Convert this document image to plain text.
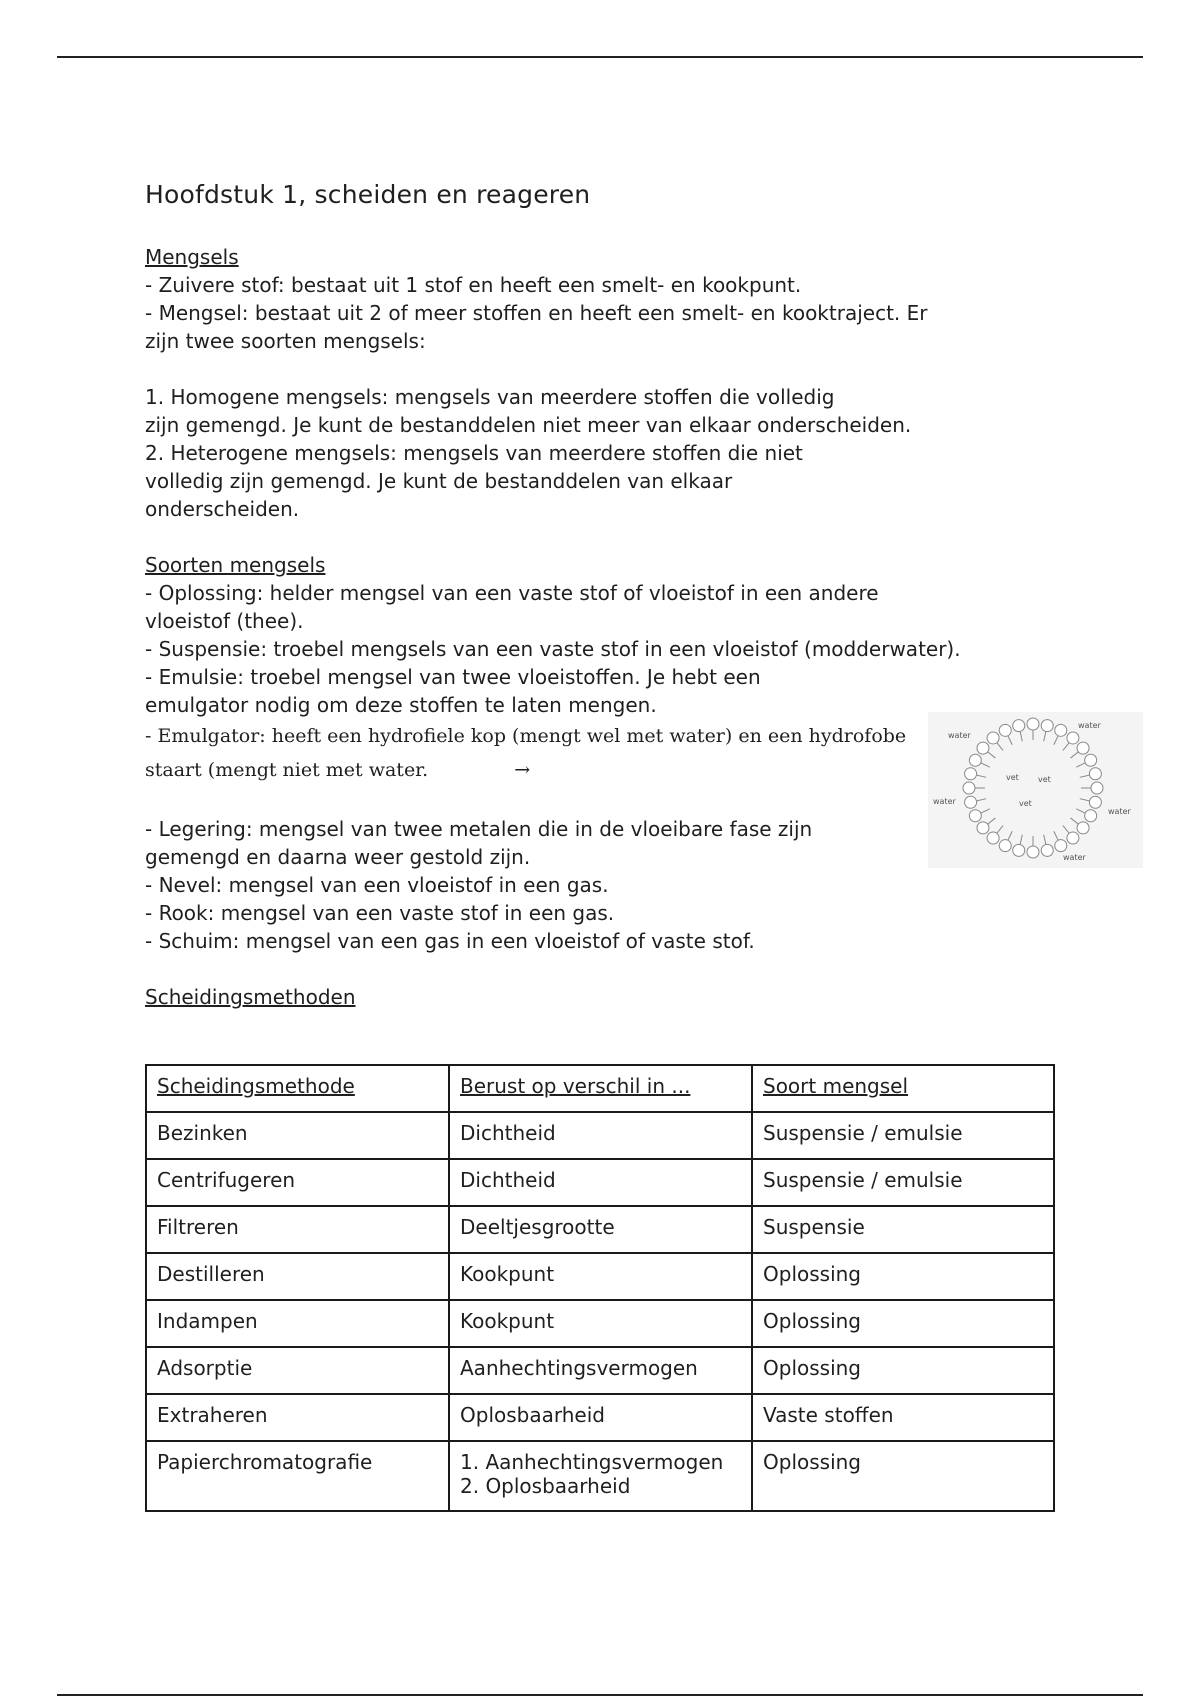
Hoofdstuk 1, scheiden en reageren

Mengsels

- Zuivere stof: bestaat uit 1 stof en heeft een smelt- en kookpunt.

- Mengsel: bestaat uit 2 of meer stoffen en heeft een smelt- en kooktraject. Er

zijn twee soorten mengsels:

1. Homogene mengsels: mengsels van meerdere stoffen die volledig

zijn gemengd. Je kunt de bestanddelen niet meer van elkaar onderscheiden.

2. Heterogene mengsels: mengsels van meerdere stoffen die niet

volledig zijn gemengd. Je kunt de bestanddelen van elkaar

onderscheiden.

Soorten mengsels

- Oplossing: helder mengsel van een vaste stof of vloeistof in een andere

vloeistof (thee).

- Suspensie: troebel mengsels van een vaste stof in een vloeistof (modderwater).

- Emulsie: troebel mengsel van twee vloeistoffen. Je hebt een

emulgator nodig om deze stoffen te laten mengen.

- Emulgator: heeft een hydrofiele kop (mengt wel met water) en een hydrofobe

staart (mengt niet met water.	→

- Legering: mengsel van twee metalen die in de vloeibare fase zijn

gemengd en daarna weer gestold zijn.

- Nevel: mengsel van een vloeistof in een gas.

- Rook: mengsel van een vaste stof in een gas.

- Schuim: mengsel van een gas in een vloeistof of vaste stof.

Scheidingsmethoden

water
water
water
water
water
vet vet
vet
Scheidingsmethode	Berust op verschil in ...	Soort mengsel
Bezinken	Dichtheid	Suspensie / emulsie
Centrifugeren	Dichtheid	Suspensie / emulsie
Filtreren	Deeltjesgrootte	Suspensie
Destilleren	Kookpunt	Oplossing
Indampen	Kookpunt	Oplossing
Adsorptie	Aanhechtingsvermogen	Oplossing
Extraheren	Oplosbaarheid	Vaste stoffen
Papierchromatografie	1. Aanhechtingsvermogen
2. Oplosbaarheid	Oplossing
